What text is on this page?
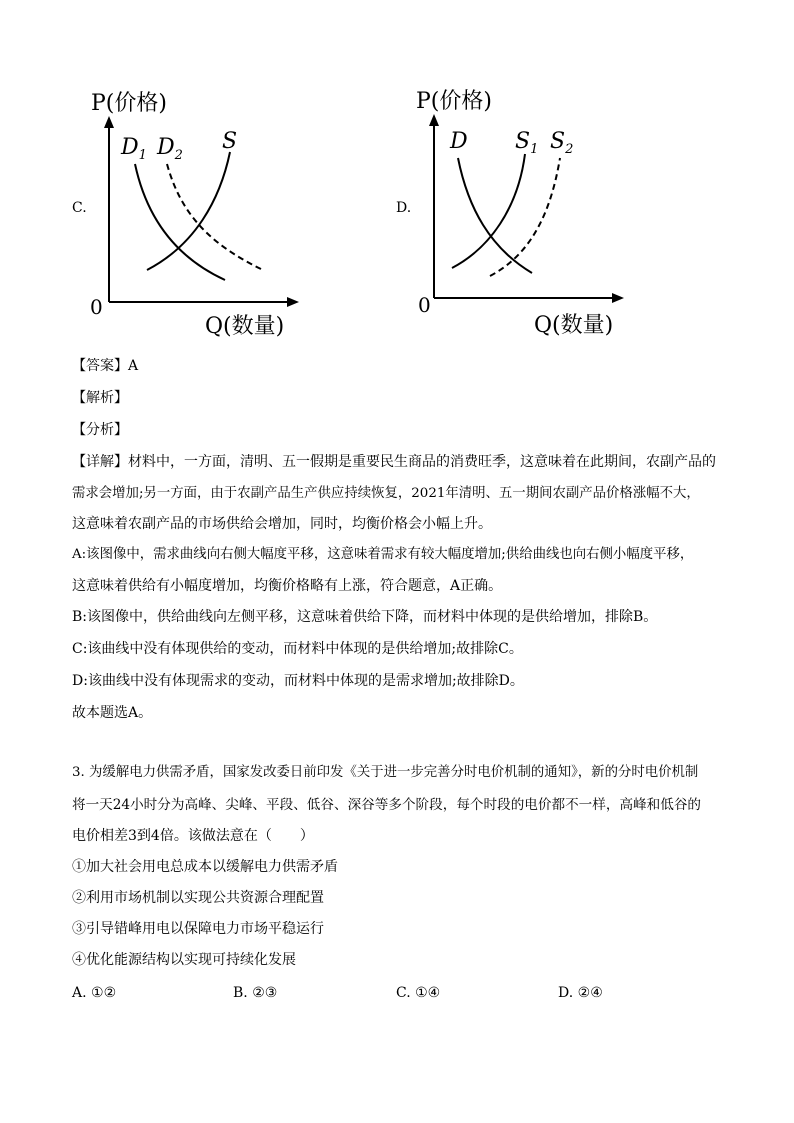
C.
P(价格)
0
Q(数量)
$D_1$ $D_2$
S
D.
P(价格)
0
Q(数量)
D $S_1$ $S_2$
【答案】A
【解析】
【分析】
【详解】材料中，一方面，清明、五一假期是重要民生商品的消费旺季，这意味着在此期间，农副产品的
需求会增加;另一方面，由于农副产品生产供应持续恢复，2021年清明、五一期间农副产品价格涨幅不大，
这意味着农副产品的市场供给会增加，同时，均衡价格会小幅上升。
A:该图像中，需求曲线向右侧大幅度平移，这意味着需求有较大幅度增加;供给曲线也向右侧小幅度平移，
这意味着供给有小幅度增加，均衡价格略有上涨，符合题意，A正确。
B:该图像中，供给曲线向左侧平移，这意味着供给下降，而材料中体现的是供给增加，排除B。
C:该曲线中没有体现供给的变动，而材料中体现的是供给增加;故排除C。
D:该曲线中没有体现需求的变动，而材料中体现的是需求增加;故排除D。
故本题选A。
3. 为缓解电力供需矛盾，国家发改委日前印发《关于进一步完善分时电价机制的通知》，新的分时电价机制
将一天24小时分为高峰、尖峰、平段、低谷、深谷等多个阶段，每个时段的电价都不一样，高峰和低谷的
电价相差3到4倍。该做法意在（　　）
①加大社会用电总成本以缓解电力供需矛盾
②利用市场机制以实现公共资源合理配置
③引导错峰用电以保障电力市场平稳运行
④优化能源结构以实现可持续化发展
A. ①②	B. ②③	C. ①④	D. ②④
